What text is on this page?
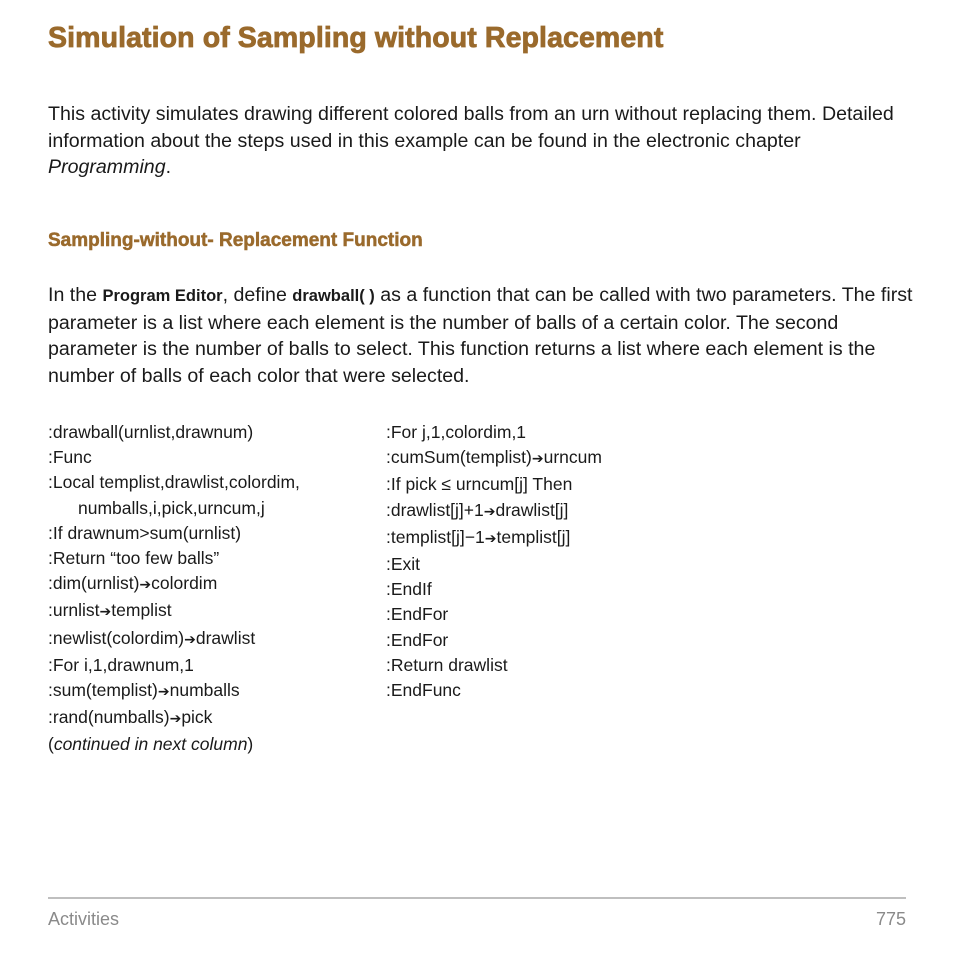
Simulation of Sampling without Replacement

This activity simulates drawing different colored balls from an urn without replacing them. Detailed information about the steps used in this example can be found in the electronic chapter Programming.

Sampling-without- Replacement Function

In the Program Editor, define drawball( ) as a function that can be called with two parameters. The first parameter is a list where each element is the number of balls of a certain color. The second parameter is the number of balls to select. This function returns a list where each element is the number of balls of each color that were selected.

:drawball(urnlist,drawnum)
:Func
:Local templist,drawlist,colordim,
numballs,i,pick,urncum,j
:If drawnum>sum(urnlist)
:Return “too few balls”
:dim(urnlist)➔colordim
:urnlist➔templist
:newlist(colordim)➔drawlist
:For i,1,drawnum,1
:sum(templist)➔numballs
:rand(numballs)➔pick
(continued in next column)
:For j,1,colordim,1
:cumSum(templist)➔urncum
:If pick ≤ urncum[j] Then
:drawlist[j]+1➔drawlist[j]
:templist[j]−1➔templist[j]
:Exit
:EndIf
:EndFor
:EndFor
:Return drawlist
:EndFunc
Activities	775
